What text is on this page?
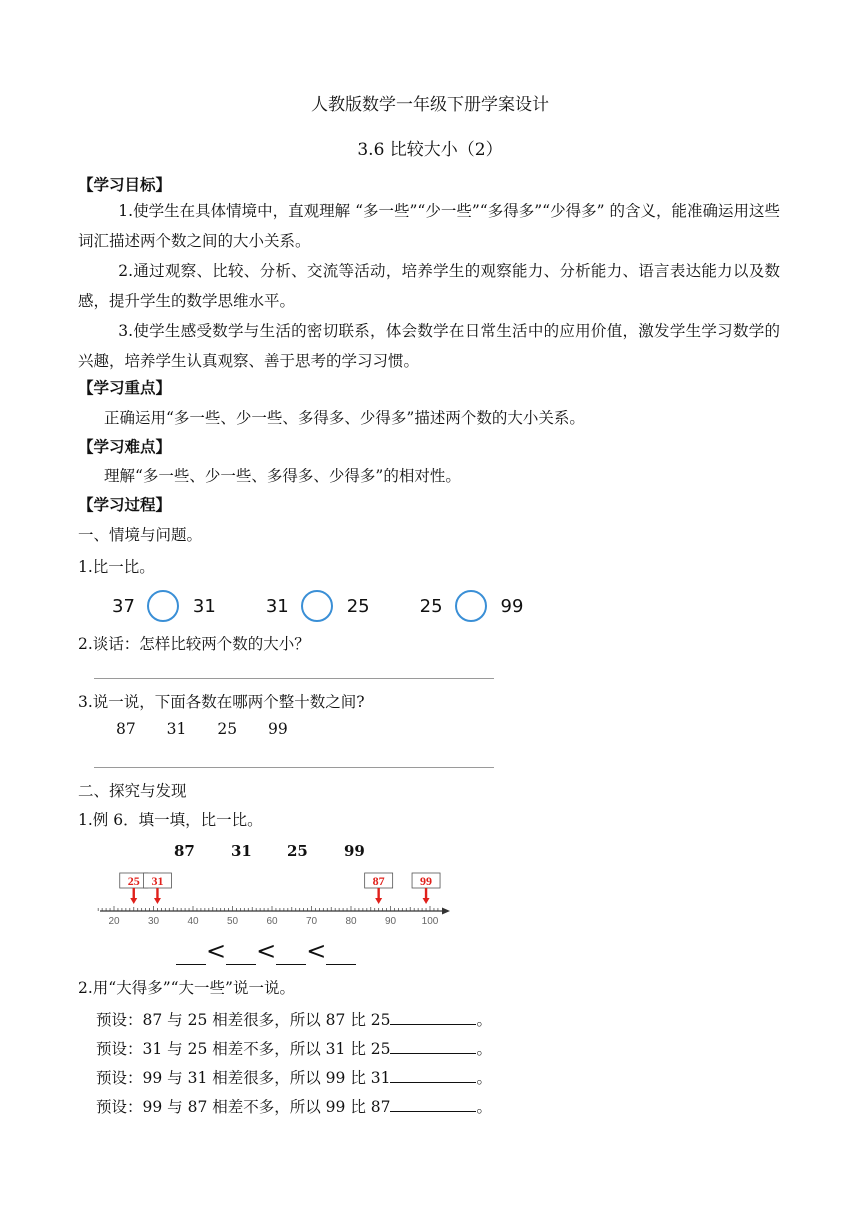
人教版数学一年级下册学案设计
3.6 比较大小（2）
【学习目标】
1.使学生在具体情境中，直观理解 “多一些”“少一些”“多得多”“少得多” 的含义，能准确运用这些词汇描述两个数之间的大小关系。
2.通过观察、比较、分析、交流等活动，培养学生的观察能力、分析能力、语言表达能力以及数感，提升学生的数学思维水平。
3.使学生感受数学与生活的密切联系，体会数学在日常生活中的应用价值，激发学生学习数学的兴趣，培养学生认真观察、善于思考的学习习惯。
【学习重点】
正确运用“多一些、少一些、多得多、少得多”描述两个数的大小关系。
【学习难点】
理解“多一些、少一些、多得多、少得多”的相对性。
【学习过程】
一、情境与问题。
1.比一比。
37	31	31	25	25	99
2.谈话：怎样比较两个数的大小？
3.说一说，下面各数在哪两个整十数之间?
87 31 25 99
二、探究与发现
1.例 6．填一填，比一比。
87 31 25 99
20	30	40	50	60	70	80	90	100
25 31	87	99
< < <
2.用“大得多”“大一些”说一说。
预设：87 与 25 相差很多，所以 87 比 25	。
预设：31 与 25 相差不多，所以 31 比 25	。
预设：99 与 31 相差很多，所以 99 比 31	。
预设：99 与 87 相差不多，所以 99 比 87	。
